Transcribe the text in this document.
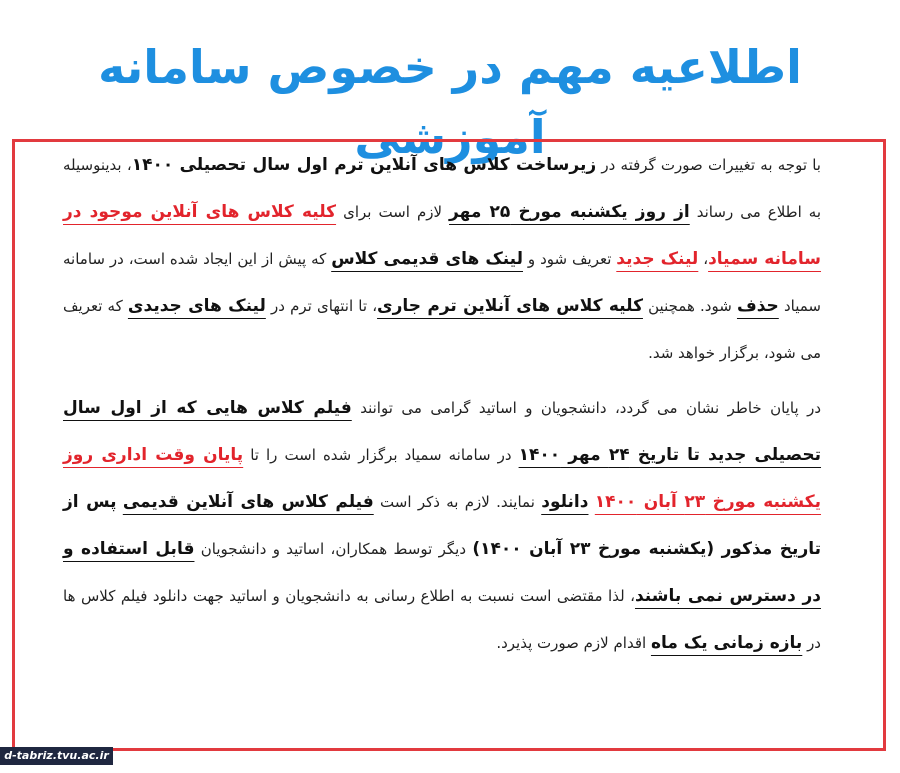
اطلاعیه مهم در خصوص سامانه آموزشی

با توجه به تغییرات صورت گرفته در زیرساخت کلاس های آنلاین ترم اول سال تحصیلی ۱۴۰۰، بدینوسیله به اطلاع می رساند از روز یکشنبه مورخ ۲۵ مهر لازم است برای کلیه کلاس های آنلاین موجود در سامانه سمیاد، لینک جدید تعریف شود و لینک های قدیمی کلاس که پیش از این ایجاد شده است، در سامانه سمیاد حذف شود. همچنین کلیه کلاس های آنلاین ترم جاری، تا انتهای ترم در لینک های جدیدی که تعریف می شود، برگزار خواهد شد.

در پایان خاطر نشان می گردد، دانشجویان و اساتید گرامی می توانند فیلم کلاس هایی که از اول سال تحصیلی جدید تا تاریخ ۲۴ مهر ۱۴۰۰ در سامانه سمیاد برگزار شده است را تا پایان وقت اداری روز یکشنبه مورخ ۲۳ آبان ۱۴۰۰ دانلود نمایند. لازم به ذکر است فیلم کلاس های آنلاین قدیمی پس از تاریخ مذکور (یکشنبه مورخ ۲۳ آبان ۱۴۰۰) دیگر توسط همکاران، اساتید و دانشجویان قابل استفاده و در دسترس نمی باشند، لذا مقتضی است نسبت به اطلاع رسانی به دانشجویان و اساتید جهت دانلود فیلم کلاس ها در بازه زمانی یک ماه اقدام لازم صورت پذیرد.

d-tabriz.tvu.ac.ir
